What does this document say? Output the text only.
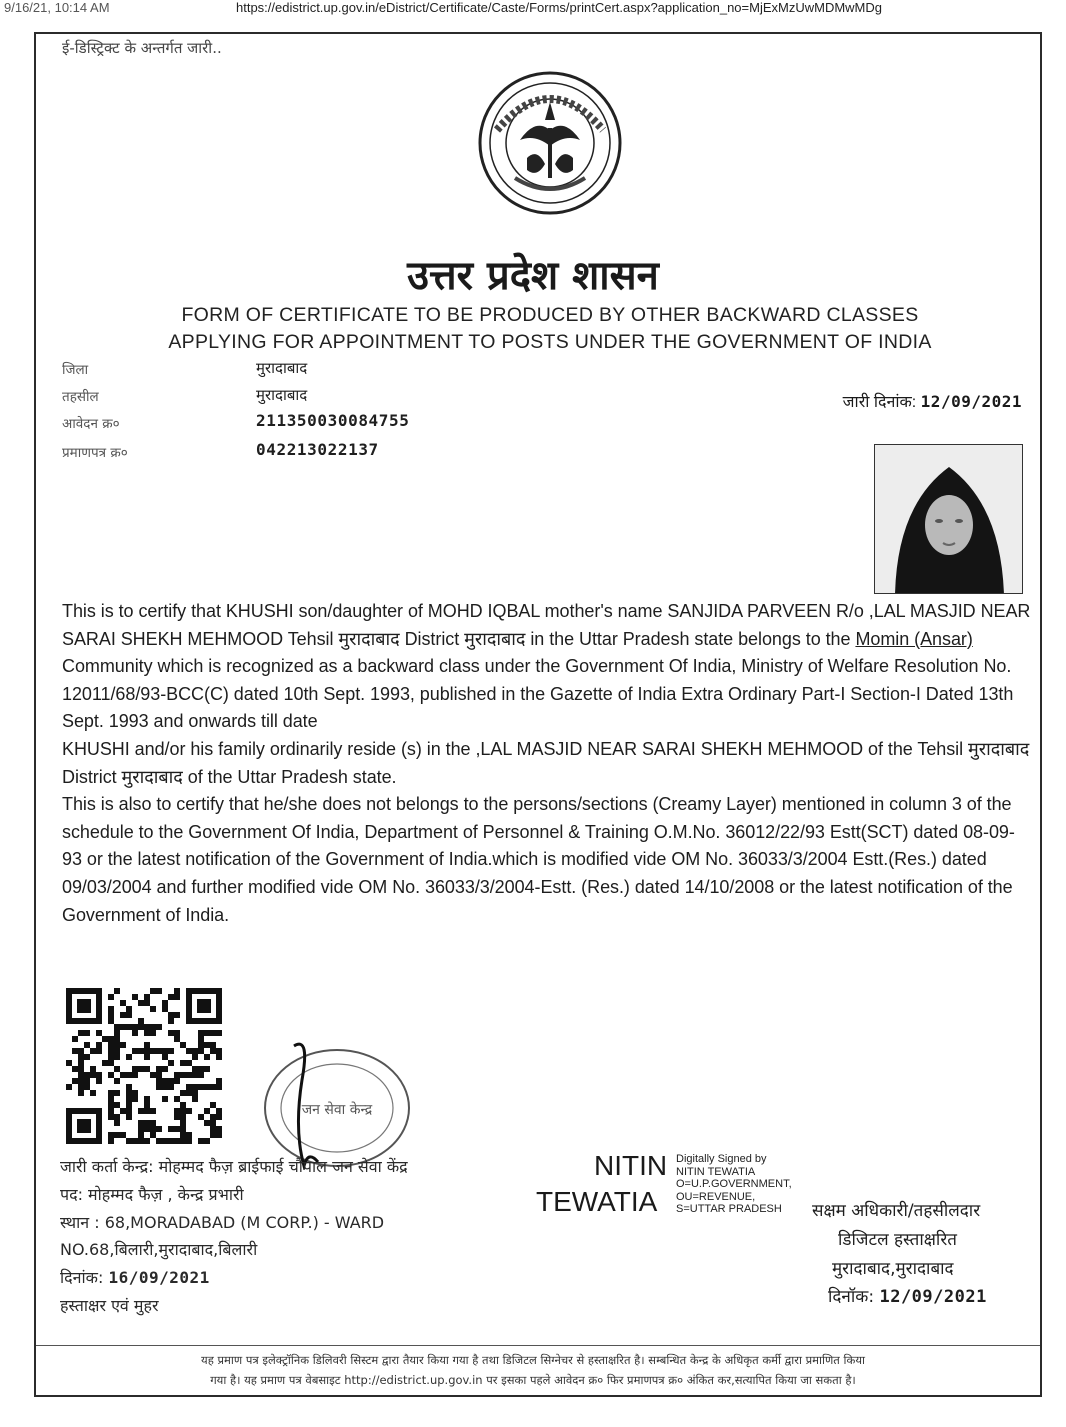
9/16/21, 10:14 AM	https://edistrict.up.gov.in/eDistrict/Certificate/Caste/Forms/printCert.aspx?application_no=MjExMzUwMDMwMDg
ई-डिस्ट्रिक्ट के अन्तर्गत जारी..
उत्तर प्रदेश शासन
FORM OF CERTIFICATE TO BE PRODUCED BY OTHER BACKWARD CLASSES
APPLYING FOR APPOINTMENT TO POSTS UNDER THE GOVERNMENT OF INDIA
जिला	मुरादाबाद
तहसील	मुरादाबाद
आवेदन क्र०	211350030084755
प्रमाणपत्र क्र०	042213022137
जारी दिनांक: 12/09/2021

This is to certify that KHUSHI son/daughter of MOHD IQBAL mother's name SANJIDA PARVEEN R/o ,LAL MASJID NEAR SARAI SHEKH MEHMOOD Tehsil मुरादाबाद District मुरादाबाद in the Uttar Pradesh state belongs to the Momin (Ansar) Community which is recognized as a backward class under the Government Of India, Ministry of Welfare Resolution No. 12011/68/93-BCC(C) dated 10th Sept. 1993, published in the Gazette of India Extra Ordinary Part-I Section-I Dated 13th Sept. 1993 and onwards till date

KHUSHI and/or his family ordinarily reside (s) in the ,LAL MASJID NEAR SARAI SHEKH MEHMOOD of the Tehsil मुरादाबाद District मुरादाबाद of the Uttar Pradesh state.

This is also to certify that he/she does not belongs to the persons/sections (Creamy Layer) mentioned in column 3 of the schedule to the Government Of India, Department of Personnel & Training O.M.No. 36012/22/93 Estt(SCT) dated 08-09-93 or the latest notification of the Government of India.which is modified vide OM No. 36033/3/2004 Estt.(Res.) dated 09/03/2004 and further modified vide OM No. 36033/3/2004-Estt. (Res.) dated 14/10/2008 or the latest notification of the Government of India.

जन सेवा केन्द्र
जारी कर्ता केन्द्र: मोहम्मद फैज़ ब्राईफाई चौपाल जन सेवा केंद्र
पद: मोहम्मद फैज़ , केन्द्र प्रभारी
स्थान : 68,MORADABAD (M CORP.) - WARD
NO.68,बिलारी,मुरादाबाद,बिलारी
दिनांक: 16/09/2021
हस्ताक्षर एवं मुहर
NITIN
TEWATIA
Digitally Signed by
NITIN TEWATIA
O=U.P.GOVERNMENT,
OU=REVENUE,
S=UTTAR PRADESH	सक्षम अधिकारी/तहसीलदार
डिजिटल हस्ताक्षरित
मुरादाबाद,मुरादाबाद
दिनॉक: 12/09/2021
यह प्रमाण पत्र इलेक्ट्रॉनिक डिलिवरी सिस्टम द्वारा तैयार किया गया है तथा डिजिटल सिग्नेचर से हस्ताक्षरित है। सम्बन्धित केन्द्र के अधिकृत कर्मी द्वारा प्रमाणित किया
गया है। यह प्रमाण पत्र वेबसाइट http://edistrict.up.gov.in पर इसका पहले आवेदन क्र० फिर प्रमाणपत्र क्र० अंकित कर,सत्यापित किया जा सकता है।
